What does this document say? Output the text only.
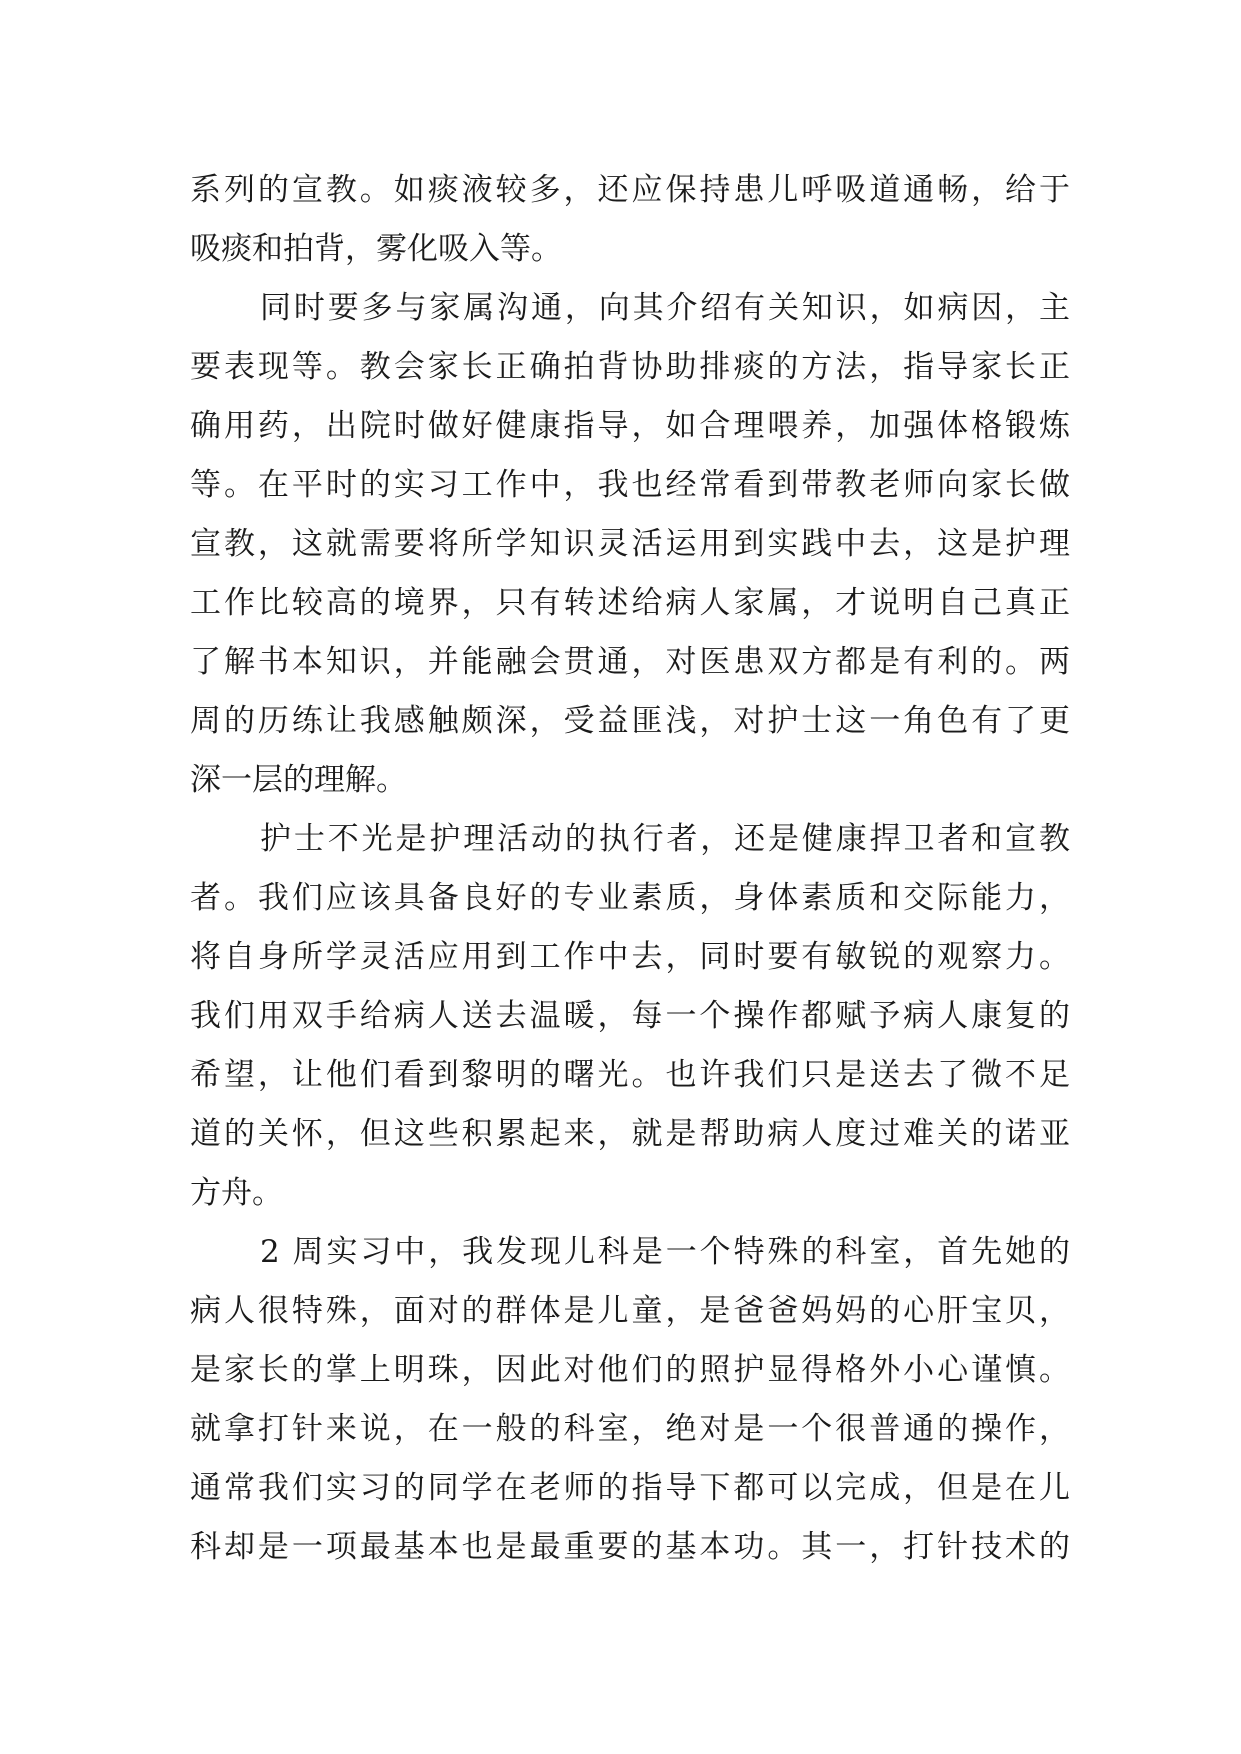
系列的宣教。如痰液较多，还应保持患儿呼吸道通畅，给于
吸痰和拍背，雾化吸入等。
同时要多与家属沟通，向其介绍有关知识，如病因，主
要表现等。教会家长正确拍背协助排痰的方法，指导家长正
确用药，出院时做好健康指导，如合理喂养，加强体格锻炼
等。在平时的实习工作中，我也经常看到带教老师向家长做
宣教，这就需要将所学知识灵活运用到实践中去，这是护理
工作比较高的境界，只有转述给病人家属，才说明自己真正
了解书本知识，并能融会贯通，对医患双方都是有利的。两
周的历练让我感触颇深，受益匪浅，对护士这一角色有了更
深一层的理解。
护士不光是护理活动的执行者，还是健康捍卫者和宣教
者。我们应该具备良好的专业素质，身体素质和交际能力，
将自身所学灵活应用到工作中去，同时要有敏锐的观察力。
我们用双手给病人送去温暖，每一个操作都赋予病人康复的
希望，让他们看到黎明的曙光。也许我们只是送去了微不足
道的关怀，但这些积累起来，就是帮助病人度过难关的诺亚
方舟。
2 周实习中，我发现儿科是一个特殊的科室，首先她的
病人很特殊，面对的群体是儿童，是爸爸妈妈的心肝宝贝，
是家长的掌上明珠，因此对他们的照护显得格外小心谨慎。
就拿打针来说，在一般的科室，绝对是一个很普通的操作，
通常我们实习的同学在老师的指导下都可以完成，但是在儿
科却是一项最基本也是最重要的基本功。其一，打针技术的
